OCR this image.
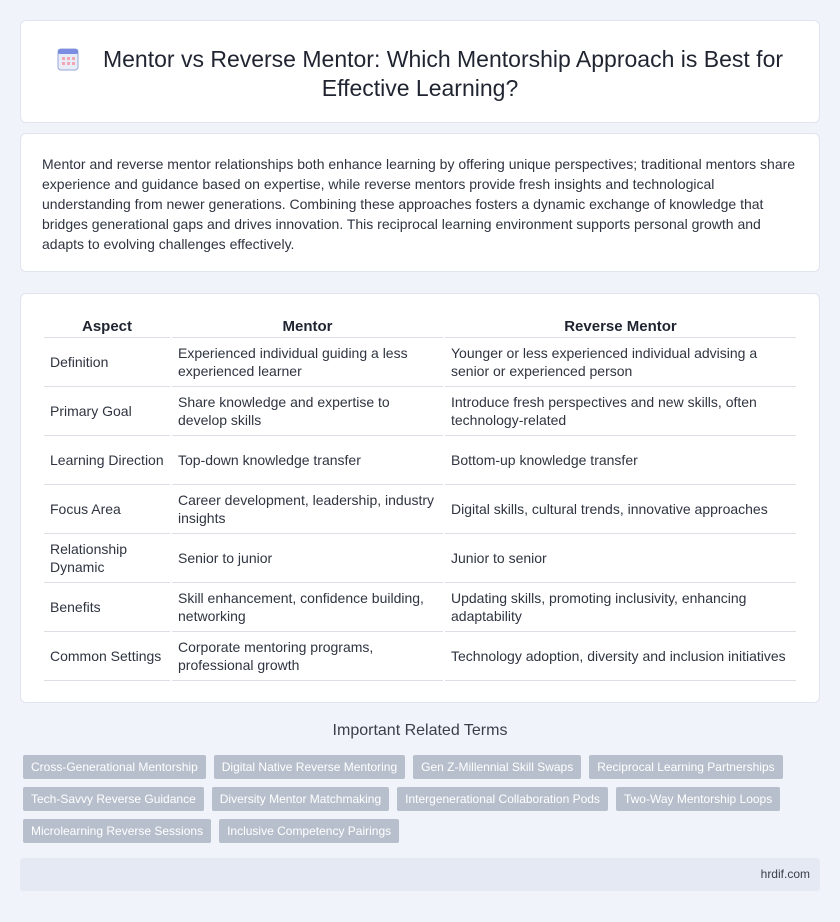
Mentor vs Reverse Mentor: Which Mentorship Approach is Best for Effective Learning?

Mentor and reverse mentor relationships both enhance learning by offering unique perspectives; traditional mentors share experience and guidance based on expertise, while reverse mentors provide fresh insights and technological understanding from newer generations. Combining these approaches fosters a dynamic exchange of knowledge that bridges generational gaps and drives innovation. This reciprocal learning environment supports personal growth and adapts to evolving challenges effectively.

Aspect	Mentor	Reverse Mentor
Definition	Experienced individual guiding a less experienced learner	Younger or less experienced individual advising a senior or experienced person
Primary Goal	Share knowledge and expertise to develop skills	Introduce fresh perspectives and new skills, often technology-related
Learning Direction	Top-down knowledge transfer	Bottom-up knowledge transfer
Focus Area	Career development, leadership, industry insights	Digital skills, cultural trends, innovative approaches
Relationship Dynamic	Senior to junior	Junior to senior
Benefits	Skill enhancement, confidence building, networking	Updating skills, promoting inclusivity, enhancing adaptability
Common Settings	Corporate mentoring programs, professional growth	Technology adoption, diversity and inclusion initiatives
Important Related Terms
Cross-Generational Mentorship	Digital Native Reverse Mentoring	Gen Z-Millennial Skill Swaps	Reciprocal Learning Partnerships
Tech-Savvy Reverse Guidance	Diversity Mentor Matchmaking	Intergenerational Collaboration Pods	Two-Way Mentorship Loops
Microlearning Reverse Sessions	Inclusive Competency Pairings
hrdif.com
